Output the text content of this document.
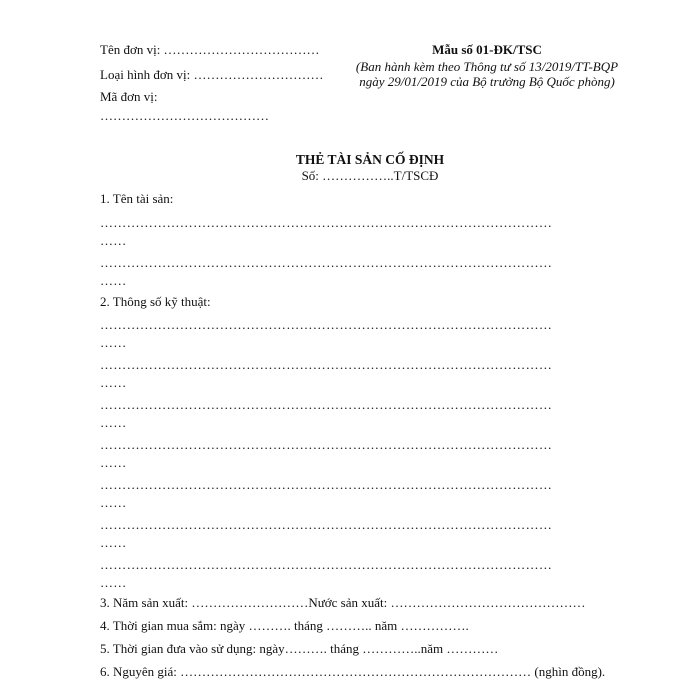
Tên đơn vị: ………………………………
Loại hình đơn vị: …………………………
Mã đơn vị:
…………………………………
Mẫu số 01-ĐK/TSC
(Ban hành kèm theo Thông tư số 13/2019/TT-BQP
ngày 29/01/2019 của Bộ trưởng Bộ Quốc phòng)
THẺ TÀI SẢN CỐ ĐỊNH
Số: ……………..T/TSCĐ
1. Tên tài sản:
…………………………………………………………………………………………
……
…………………………………………………………………………………………
……
2. Thông số kỹ thuật:
…………………………………………………………………………………………
……
…………………………………………………………………………………………
……
…………………………………………………………………………………………
……
…………………………………………………………………………………………
……
…………………………………………………………………………………………
……
…………………………………………………………………………………………
……
…………………………………………………………………………………………
……
3. Năm sản xuất: ………………………Nước sản xuất: ………………………………………
4. Thời gian mua sắm: ngày ………. tháng ……….. năm …………….
5. Thời gian đưa vào sử dụng: ngày………. tháng …………..năm …………
6. Nguyên giá: ……………………………………………………………………… (nghìn đồng).
